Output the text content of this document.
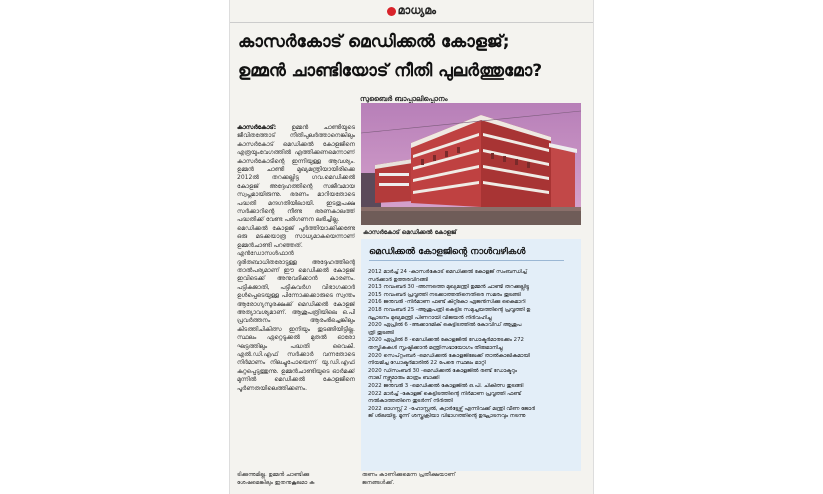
മാധ്യമം
കാസർകോട് മെഡിക്കൽ കോളജ്;
ഉമ്മൻ ചാണ്ടിയോട് നീതി പുലർത്തുമോ?
സുബൈർ ബാപ്പാലിപ്പൊനം

കാസർകോട്:	ഉമ്മൻ ചാണ്ടിയുടെ ജീവിതത്തോട് നീതിപുലർത്താനെങ്കിലും കാസർകോട് മെഡിക്കൽ കോളജിനെ എത്രയുംവേഗത്തിൽ എത്തിക്കണമെന്നാണ് കാസർകോടിന്റെ ഇന്നിയുള്ള ആവശ്യം. ഉമ്മൻ ചാണ്ടി മുഖ്യമന്ത്രിയായിരിക്കെ 2012ൽ തറക്കല്ലിട്ട ഗവ.മെഡിക്കൽ കോളജ് അദ്ദേഹത്തിന്റെ സജീവമായ സ്വപ്നമായിരുന്നു. ഭരണം മാറിയതോടെ പദ്ധതി മന്ദഗതിയിലായി. ഇടതുപക്ഷ സർക്കാറിന്റെ നീണ്ട ഭരണകാലത്ത് പദ്ധതിക്ക് വേണ്ട പരിഗണന ലഭിച്ചില്ല.

മെഡിക്കൽ കോളജ് പൂർത്തിയാക്കിക്കണ്ടേ ഒരു മടക്കയാത്ര സാധ്യമാകയെന്നാണ് ഉമ്മൻചാണ്ടി പറഞ്ഞത്.

എൻഡോസൾഫാൻ ദുരിതബാധിതരോടുള്ള അദ്ദേഹത്തിന്റെ താൽപര്യമാണ് ഈ മെഡിക്കൽ കോളജ് ഇവിടെക്ക് അനുവദിക്കാൻ കാരണം. പട്ടികജാതി, പട്ടികവർഗ വിഭാഗക്കാർ ഉൾപ്പെടെയുള്ള പിന്നോക്കക്കാരുടെ സ്വന്തം ആരോഗ്യസുരക്ഷക്ക് മെഡിക്കൽ കോളജ് അത്യാവശ്യമാണ്. ആശുപത്രിയിലെ ഒ.പി പ്രവർത്തനം ആരംഭിച്ചെങ്കിലും കിടത്തിചികിത്സ ഇനിയും തുടങ്ങിയിട്ടില്ല. സ്ഥലം ഏറ്റെടുക്കൽ മുതൽ ഓരോ ഘട്ടത്തിലും പദ്ധതി വൈകി. എൽ.ഡി.എഫ് സർക്കാർ വന്നതോടെ നിർമാണം നിലച്ചുപോയെന്ന് യു.ഡി.എഫ് കുറ്റപ്പെടുത്തുന്നു. ഉമ്മൻചാണ്ടിയുടെ ഓർമക്ക് മുന്നിൽ മെഡിക്കൽ കോളജിനെ പൂർണതയിലെത്തിക്കണം.

കാസർകോട് മെഡിക്കൽ കോളജ്
മെഡിക്കൽ കോളജിന്റെ നാൾവഴികൾ
2012 മാർച്ച് 24 -കാസർകോട് മെഡിക്കൽ കോളജ് സംബന്ധിച്ച്
സർക്കാർ ഉത്തരവിറങ്ങി
2013 നവംബർ 30 -അന്നത്തെ മുഖ്യമന്ത്രി ഉമ്മൻ ചാണ്ടി തറക്കല്ലിട്ടു
2015 നവംബർ പ്രവൃത്തി നടക്കാത്തതിനെതിരെ സമരം തുടങ്ങി
2016 ജനുവരി -നിർമാണ ഫണ്ട് കിറ്റ്കോ ഏജൻസിക്കു കൈമാറി
2018 നവംബർ 25 -ആശുപത്രി കെട്ടിട സമുച്ചയത്തിന്റെ പ്രവൃത്തി ഉ
ദ്ഘാടനം മുഖ്യമന്ത്രി പിണറായി വിജയൻ നിർവഹിച്ചു
2020 ഏപ്രിൽ 6 -അക്കാദമിക് കെട്ടിടത്തിൽ കോവിഡ് ആശുപ
ത്രി തുടങ്ങി
2020 ഏപ്രിൽ 8 -മെഡിക്കൽ കോളജിൽ ഡോക്ടർമാരടക്കം 272
തസ്തികകൾ സൃഷ്ടിക്കാൻ മന്ത്രിസഭായോഗം തീരുമാനിച്ചു
2020 സെപ്റ്റംബർ -മെഡിക്കൽ കോളജിലേക്ക് താൽകാലികമായി
നിയമിച്ച ഡോക്ടർമാരിൽ 22 പേരെ സ്ഥലം മാറ്റി
2020 ഡിസംബർ 30 -മെഡിക്കൽ കോളജിൽ രണ്ട് ഡോക്ടറും
നാല് നഴ്സുമാരും മാത്രം ബാക്കി
2022 ജനുവരി 3 -മെഡിക്കൽ കോളജിൽ ഒ.പി. ചികിത്സ തുടങ്ങി
2022 മാർച്ച് -കോളജ് കെട്ടിടത്തിന്റെ നിർമാണ പ്രവൃത്തി ഫണ്ട്
നൽകാത്തതിനെ തുടർന്ന് നിർത്തി
2022 ഓഗസ്റ്റ് 2 -ഹോസ്റ്റൽ, ക്വാർട്ടേഴ്സ് എന്നിവക്ക് മന്ത്രി വീണ ജോർ
ജ് ശിലയിട്ടു. മൂന്ന് ശസ്ത്രക്രിയാ വിഭാഗത്തിന്റെ ഉദ്ഘാടനവും നടന്നു
ടിക്കുന്നുമില്ല. ഉമ്മൻ ചാണ്ടിക്കു ശേഷമെങ്കിലും ഇതനുകൂലമാ ക
രുണം കാണിക്കുമെന്ന പ്രതീക്ഷയാണ് ജനങ്ങൾക്ക്.
